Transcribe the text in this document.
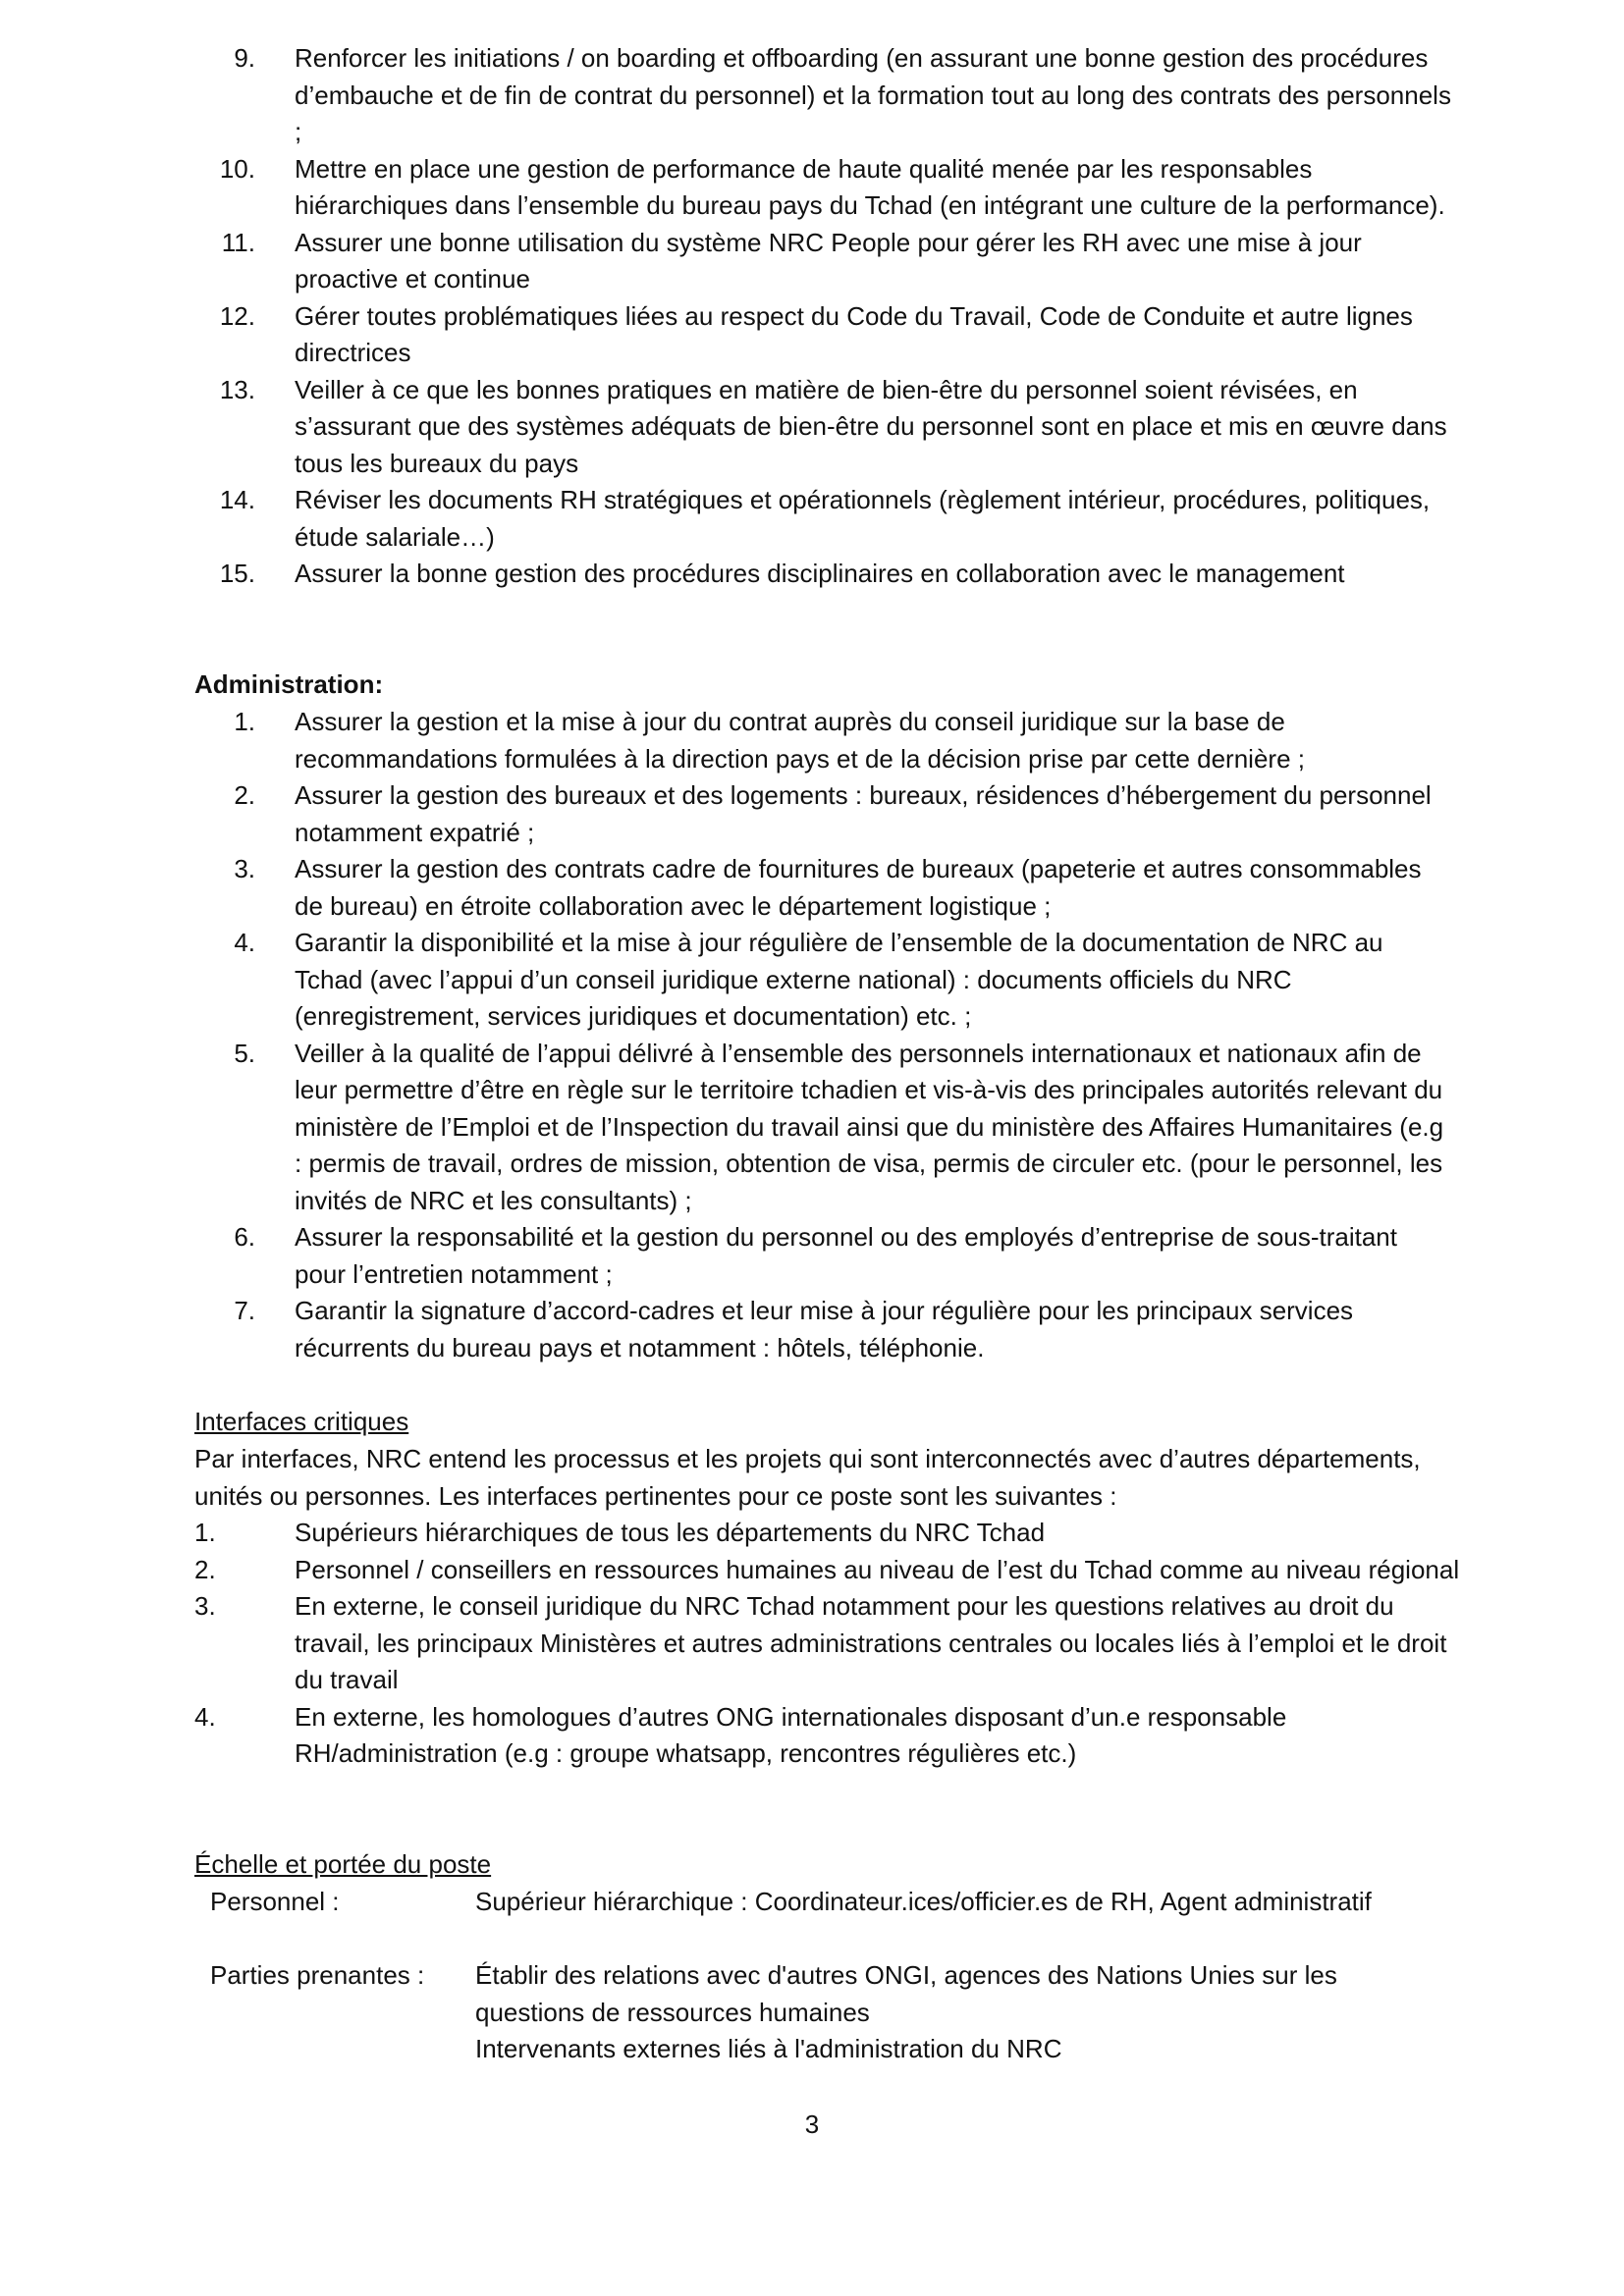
9. Renforcer les initiations / on boarding et offboarding (en assurant une bonne gestion des procédures d’embauche et de fin de contrat du personnel) et la formation tout au long des contrats des personnels ;
10. Mettre en place une gestion de performance de haute qualité menée par les responsables hiérarchiques dans l’ensemble du bureau pays du Tchad (en intégrant une culture de la performance).
11. Assurer une bonne utilisation du système NRC People pour gérer les RH avec une mise à jour proactive et continue
12. Gérer toutes problématiques liées au respect du Code du Travail, Code de Conduite et autre lignes directrices
13. Veiller à ce que les bonnes pratiques en matière de bien-être du personnel soient révisées, en s’assurant que des systèmes adéquats de bien-être du personnel sont en place et mis en œuvre dans tous les bureaux du pays
14. Réviser les documents RH stratégiques et opérationnels (règlement intérieur, procédures, politiques, étude salariale…)
15. Assurer la bonne gestion des procédures disciplinaires en collaboration avec le management

Administration:

1. Assurer la gestion et la mise à jour du contrat auprès du conseil juridique sur la base de recommandations formulées à la direction pays et de la décision prise par cette dernière ;
2. Assurer la gestion des bureaux et des logements : bureaux, résidences d’hébergement du personnel notamment expatrié ;
3. Assurer la gestion des contrats cadre de fournitures de bureaux (papeterie et autres consommables de bureau) en étroite collaboration avec le département logistique ;
4. Garantir la disponibilité et la mise à jour régulière de l’ensemble de la documentation de NRC au Tchad (avec l’appui d’un conseil juridique externe national) : documents officiels du NRC (enregistrement, services juridiques et documentation) etc. ;
5. Veiller à la qualité de l’appui délivré à l’ensemble des personnels internationaux et nationaux afin de leur permettre d’être en règle sur le territoire tchadien et vis-à-vis des principales autorités relevant du ministère de l’Emploi et de l’Inspection du travail ainsi que du ministère des Affaires Humanitaires (e.g : permis de travail, ordres de mission, obtention de visa, permis de circuler etc. (pour le personnel, les invités de NRC et les consultants) ;
6. Assurer la responsabilité et la gestion du personnel ou des employés d’entreprise de sous-traitant pour l’entretien notamment ;
7. Garantir la signature d’accord-cadres et leur mise à jour régulière pour les principaux services récurrents du bureau pays et notamment : hôtels, téléphonie.

Interfaces critiques

Par interfaces, NRC entend les processus et les projets qui sont interconnectés avec d’autres départements, unités ou personnes. Les interfaces pertinentes pour ce poste sont les suivantes :

1.	Supérieurs hiérarchiques de tous les départements du NRC Tchad
2.	Personnel / conseillers en ressources humaines au niveau de l’est du Tchad comme au niveau régional
3.	En externe, le conseil juridique du NRC Tchad notamment pour les questions relatives au droit du travail, les principaux Ministères et autres administrations centrales ou locales liés à l’emploi et le droit du travail
4.	En externe, les homologues d’autres ONG internationales disposant d’un.e responsable RH/administration (e.g : groupe whatsapp, rencontres régulières etc.)

Échelle et portée du poste

Personnel :	Supérieur hiérarchique : Coordinateur.ices/officier.es de RH, Agent administratif
Parties prenantes :	Établir des relations avec d'autres ONGI, agences des Nations Unies sur les questions de ressources humaines
Intervenants externes liés à l'administration du NRC

3
